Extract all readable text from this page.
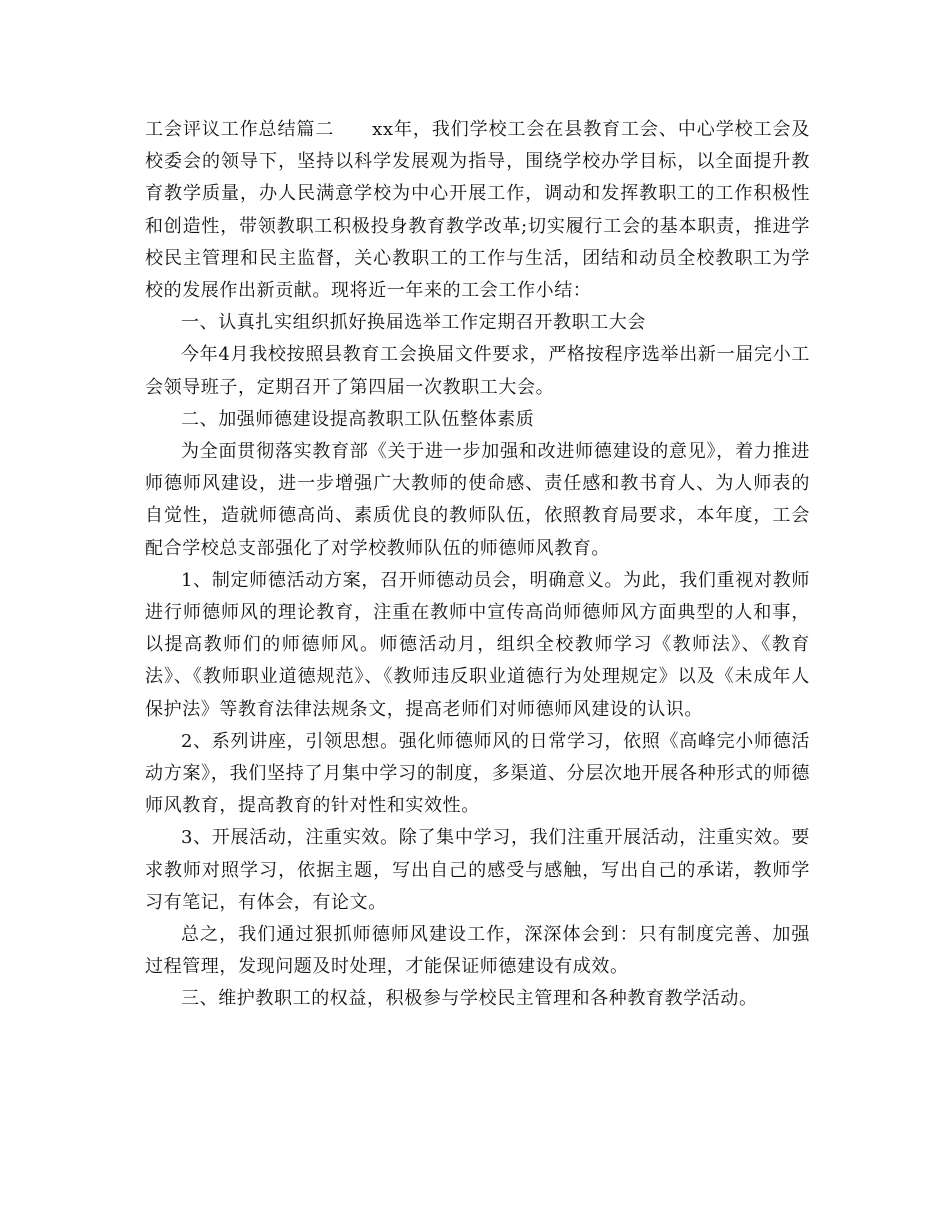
工会评议工作总结篇二　　xx年，我们学校工会在县教育工会、中心学校工会及校委会的领导下，坚持以科学发展观为指导，围绕学校办学目标，以全面提升教育教学质量，办人民满意学校为中心开展工作，调动和发挥教职工的工作积极性和创造性，带领教职工积极投身教育教学改革;切实履行工会的基本职责，推进学校民主管理和民主监督，关心教职工的工作与生活，团结和动员全校教职工为学校的发展作出新贡献。现将近一年来的工会工作小结：

一、认真扎实组织抓好换届选举工作定期召开教职工大会

今年4月我校按照县教育工会换届文件要求，严格按程序选举出新一届完小工会领导班子，定期召开了第四届一次教职工大会。

二、加强师德建设提高教职工队伍整体素质

为全面贯彻落实教育部《关于进一步加强和改进师德建设的意见》，着力推进师德师风建设，进一步增强广大教师的使命感、责任感和教书育人、为人师表的自觉性，造就师德高尚、素质优良的教师队伍，依照教育局要求，本年度，工会配合学校总支部强化了对学校教师队伍的师德师风教育。

1、制定师德活动方案，召开师德动员会，明确意义。为此，我们重视对教师进行师德师风的理论教育，注重在教师中宣传高尚师德师风方面典型的人和事，以提高教师们的师德师风。师德活动月，组织全校教师学习《教师法》、《教育法》、《教师职业道德规范》、《教师违反职业道德行为处理规定》以及《未成年人保护法》等教育法律法规条文，提高老师们对师德师风建设的认识。

2、系列讲座，引领思想。强化师德师风的日常学习，依照《高峰完小师德活动方案》，我们坚持了月集中学习的制度，多渠道、分层次地开展各种形式的师德师风教育，提高教育的针对性和实效性。

3、开展活动，注重实效。除了集中学习，我们注重开展活动，注重实效。要求教师对照学习，依据主题，写出自己的感受与感触，写出自己的承诺，教师学习有笔记，有体会，有论文。

总之，我们通过狠抓师德师风建设工作，深深体会到：只有制度完善、加强过程管理，发现问题及时处理，才能保证师德建设有成效。

三、维护教职工的权益，积极参与学校民主管理和各种教育教学活动。
